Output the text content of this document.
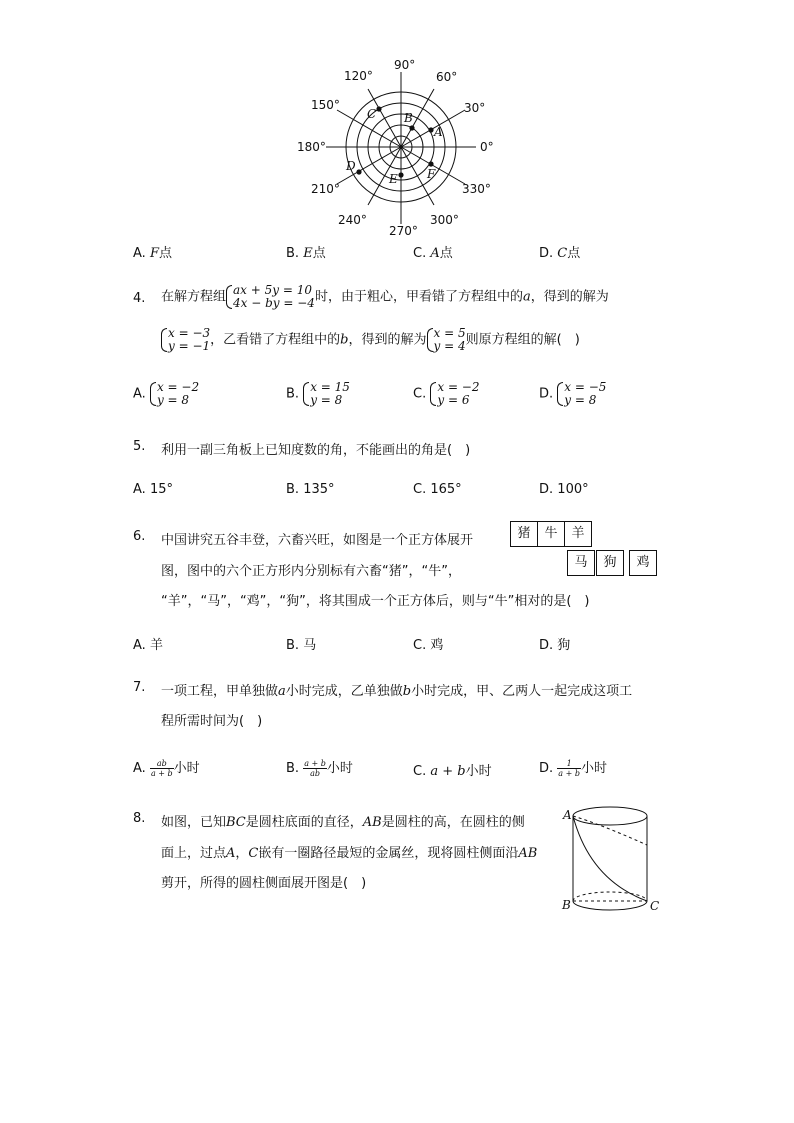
90°
60°
30°
0°
330°
300°
270°
240°
210°
180°
150°
120°
A
B
C
D
E F
A. F点	B. E点	C. A点	D. C点
4. 在解方程组 ax + 5y = 10
4x − by = −4 时，由于粗心，甲看错了方程组中的a，得到的解为
x = −3
y = −1 ，乙看错了方程组中的b，得到的解为 x = 5
y = 4 则原方程组的解(　)
A. x = −2
y = 8	B. x = 15
y = 8	C. x = −2
y = 6	D. x = −5
y = 8
5. 利用一副三角板上已知度数的角，不能画出的角是(　)
A. 15°	B. 135°	C. 165°	D. 100°
6. 中国讲究五谷丰登，六畜兴旺，如图是一个正方体展开
图，图中的六个正方形内分别标有六畜“猪”，“牛”，
“羊”，“马”，“鸡”，“狗”，将其围成一个正方体后，则与“牛”相对的是(　)
猪	牛	羊
马	狗	鸡
A. 羊	B. 马	C. 鸡	D. 狗
7. 一项工程，甲单独做a小时完成，乙单独做b小时完成，甲、乙两人一起完成这项工
程所需时间为(　)
A. $\frac{ab}{a + b}$ 小时	B. $\frac{a + b}{ab}$ 小时	C. a + b小时	D. $\frac{1}{a + b}$ 小时
8. 如图，已知BC是圆柱底面的直径，AB是圆柱的高，在圆柱的侧
面上，过点A，C嵌有一圈路径最短的金属丝，现将圆柱侧面沿AB
剪开，所得的圆柱侧面展开图是(　)
A
B	C
